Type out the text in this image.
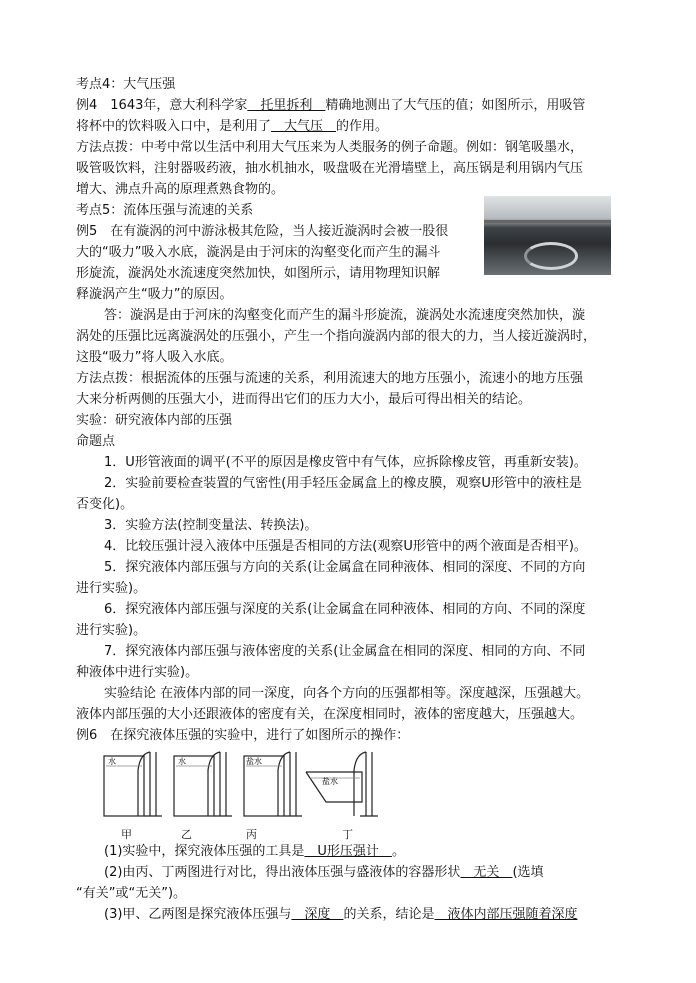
考点4：大气压强
例4　1643年，意大利科学家　托里拆利　精确地测出了大气压的值；如图所示，用吸管
将杯中的饮料吸入口中，是利用了　大气压　的作用。
方法点拨：中考中常以生活中利用大气压来为人类服务的例子命题。例如：钢笔吸墨水，
吸管吸饮料，注射器吸药液，抽水机抽水，吸盘吸在光滑墙壁上，高压锅是利用锅内气压
增大、沸点升高的原理煮熟食物的。
考点5：流体压强与流速的关系
例5　在有漩涡的河中游泳极其危险，当人接近漩涡时会被一股很
大的“吸力”吸入水底，漩涡是由于河床的沟壑变化而产生的漏斗
形旋流，漩涡处水流速度突然加快，如图所示，请用物理知识解
释漩涡产生“吸力”的原因。
答：漩涡是由于河床的沟壑变化而产生的漏斗形旋流，漩涡处水流速度突然加快，漩
涡处的压强比远离漩涡处的压强小，产生一个指向漩涡内部的很大的力，当人接近漩涡时，
这股“吸力”将人吸入水底。
方法点拨：根据流体的压强与流速的关系，利用流速大的地方压强小，流速小的地方压强
大来分析两侧的压强大小，进而得出它们的压力大小，最后可得出相关的结论。
实验：研究液体内部的压强
命题点
1．U形管液面的调平(不平的原因是橡皮管中有气体，应拆除橡皮管，再重新安装)。
2．实验前要检查装置的气密性(用手轻压金属盒上的橡皮膜，观察U形管中的液柱是
否变化)。
3．实验方法(控制变量法、转换法)。
4．比较压强计浸入液体中压强是否相同的方法(观察U形管中的两个液面是否相平)。
5．探究液体内部压强与方向的关系(让金属盒在同种液体、相同的深度、不同的方向
进行实验)。
6．探究液体内部压强与深度的关系(让金属盒在同种液体、相同的方向、不同的深度
进行实验)。
7．探究液体内部压强与液体密度的关系(让金属盒在相同的深度、相同的方向、不同
种液体中进行实验)。
实验结论 在液体内部的同一深度，向各个方向的压强都相等。深度越深，压强越大。
液体内部压强的大小还跟液体的密度有关，在深度相同时，液体的密度越大，压强越大。
例6　在探究液体压强的实验中，进行了如图所示的操作：
水	水	盐水
盐水
甲	乙	丙	丁
(1)实验中，探究液体压强的工具是　U形压强计　。
(2)由丙、丁两图进行对比，得出液体压强与盛液体的容器形状　无关　(选填
“有关”或“无关”)。
(3)甲、乙两图是探究液体压强与　深度　的关系，结论是　液体内部压强随着深度
